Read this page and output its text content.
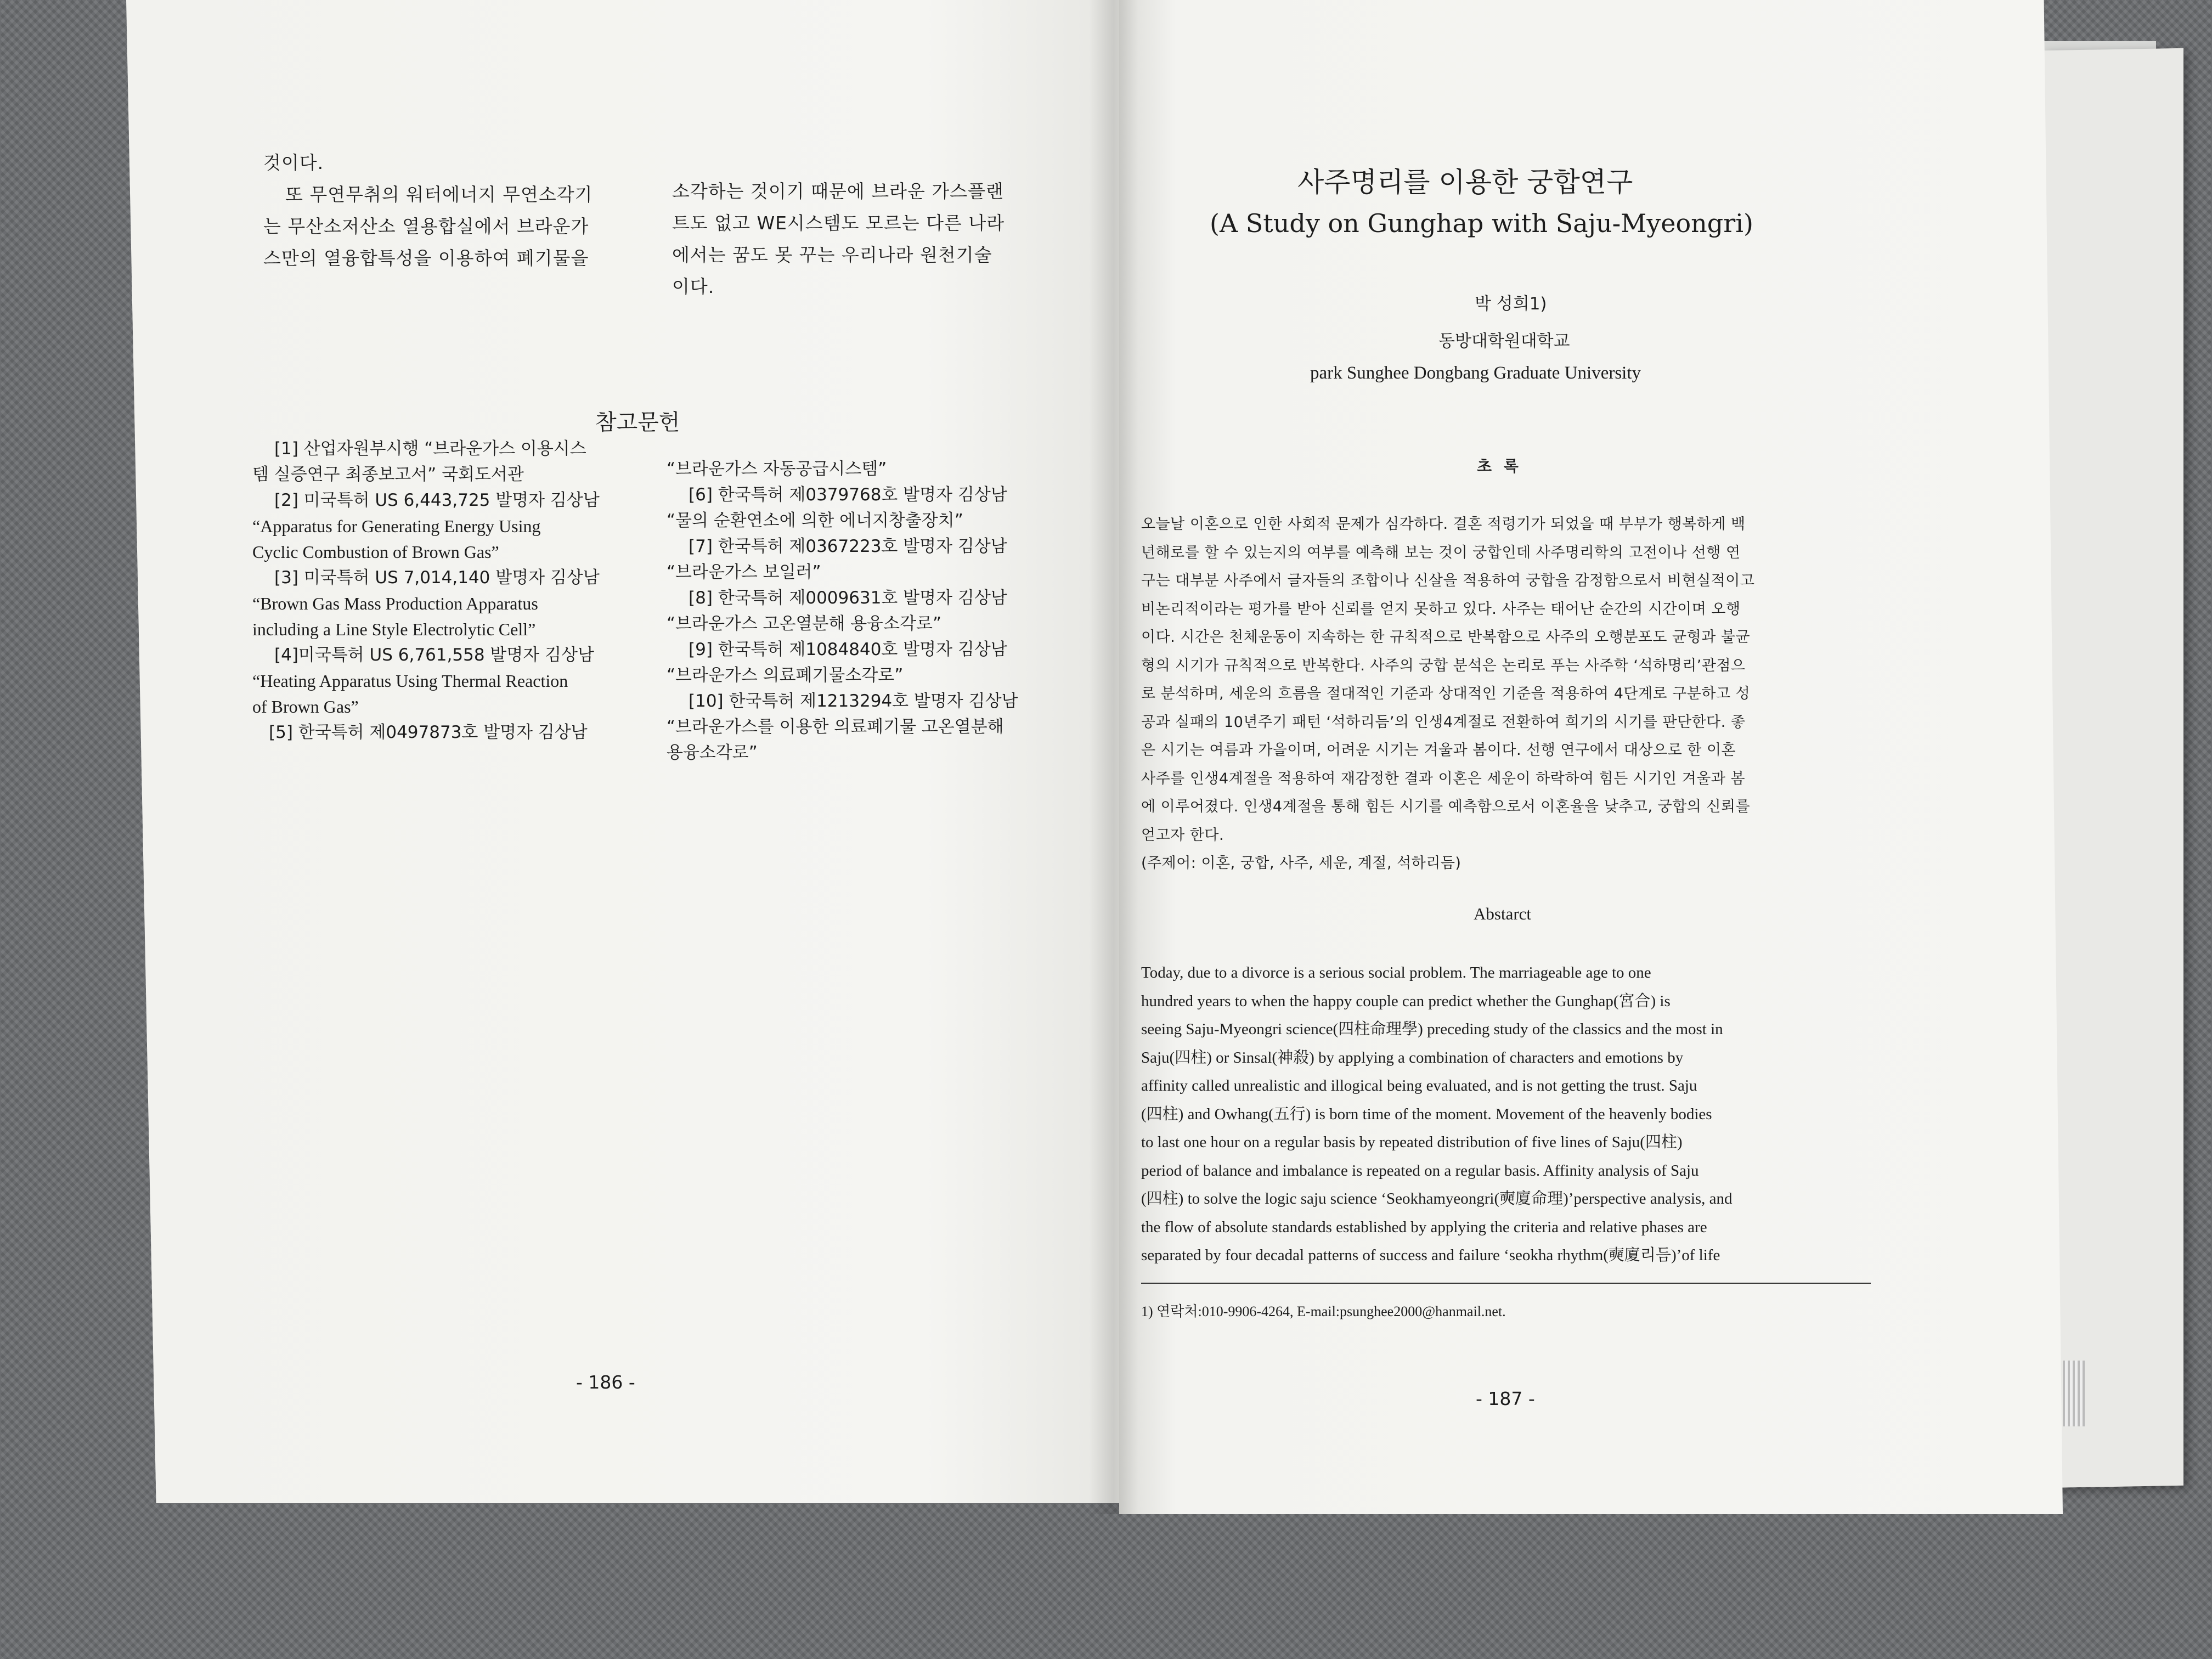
것이다.

또 무연무취의 워터에너지 무연소각기

는 무산소저산소 열용합실에서 브라운가

스만의 열융합특성을 이용하여 폐기물을

소각하는 것이기 때문에 브라운 가스플랜

트도 없고 WE시스템도 모르는 다른 나라

에서는 꿈도 못 꾸는 우리나라 원천기술

이다.

참고문헌

[1] 산업자원부시행 “브라운가스 이용시스

템 실증연구 최종보고서” 국회도서관

[2] 미국특허 US 6,443,725 발명자 김상남

“Apparatus for Generating Energy Using

Cyclic Combustion of Brown Gas”

[3] 미국특허 US 7,014,140 발명자 김상남

“Brown Gas Mass Production Apparatus

including a Line Style Electrolytic Cell”

[4]미국특허 US 6,761,558 발명자 김상남

“Heating Apparatus Using Thermal Reaction

of Brown Gas”

[5] 한국특허 제0497873호 발명자 김상남

“브라운가스 자동공급시스템”

[6] 한국특허 제0379768호 발명자 김상남

“물의 순환연소에 의한 에너지창출장치”

[7] 한국특허 제0367223호 발명자 김상남

“브라운가스 보일러”

[8] 한국특허 제0009631호 발명자 김상남

“브라운가스 고온열분해 용융소각로”

[9] 한국특허 제1084840호 발명자 김상남

“브라운가스 의료폐기물소각로”

[10] 한국특허 제1213294호 발명자 김상남

“브라운가스를 이용한 의료폐기물 고온열분해

용융소각로”

- 186 -
사주명리를 이용한 궁합연구
(A Study on Gunghap with Saju-Myeongri)
박 성희1)
동방대학원대학교
park Sunghee Dongbang Graduate University
초 록

오늘날 이혼으로 인한 사회적 문제가 심각하다. 결혼 적령기가 되었을 때 부부가 행복하게 백

년해로를 할 수 있는지의 여부를 예측해 보는 것이 궁합인데 사주명리학의 고전이나 선행 연

구는 대부분 사주에서 글자들의 조합이나 신살을 적용하여 궁합을 감정함으로서 비현실적이고

비논리적이라는 평가를 받아 신뢰를 얻지 못하고 있다. 사주는 태어난 순간의 시간이며 오행

이다. 시간은 천체운동이 지속하는 한 규칙적으로 반복함으로 사주의 오행분포도 균형과 불균

형의 시기가 규칙적으로 반복한다. 사주의 궁합 분석은 논리로 푸는 사주학 ‘석하명리’관점으

로 분석하며, 세운의 흐름을 절대적인 기준과 상대적인 기준을 적용하여 4단계로 구분하고 성

공과 실패의 10년주기 패턴 ‘석하리듬’의 인생4계절로 전환하여 희기의 시기를 판단한다. 좋

은 시기는 여름과 가을이며, 어려운 시기는 겨울과 봄이다. 선행 연구에서 대상으로 한 이혼

사주를 인생4계절을 적용하여 재감정한 결과 이혼은 세운이 하락하여 힘든 시기인 겨울과 봄

에 이루어졌다. 인생4계절을 통해 힘든 시기를 예측함으로서 이혼율을 낮추고, 궁합의 신뢰를

얻고자 한다.

(주제어: 이혼, 궁합, 사주, 세운, 계절, 석하리듬)

Abstarct

Today, due to a divorce is a serious social problem. The marriageable age to one

hundred years to when the happy couple can predict whether the Gunghap(宮合) is

seeing Saju-Myeongri science(四柱命理學) preceding study of the classics and the most in

Saju(四柱) or Sinsal(神殺) by applying a combination of characters and emotions by

affinity called unrealistic and illogical being evaluated, and is not getting the trust. Saju

(四柱) and Owhang(五行) is born time of the moment. Movement of the heavenly bodies

to last one hour on a regular basis by repeated distribution of five lines of Saju(四柱)

period of balance and imbalance is repeated on a regular basis. Affinity analysis of Saju

(四柱) to solve the logic saju science ‘Seokhamyeongri(奭廈命理)’perspective analysis, and

the flow of absolute standards established by applying the criteria and relative phases are

separated by four decadal patterns of success and failure ‘seokha rhythm(奭廈리듬)’of life

1) 연락처:010-9906-4264, E-mail:psunghee2000@hanmail.net.
- 187 -
